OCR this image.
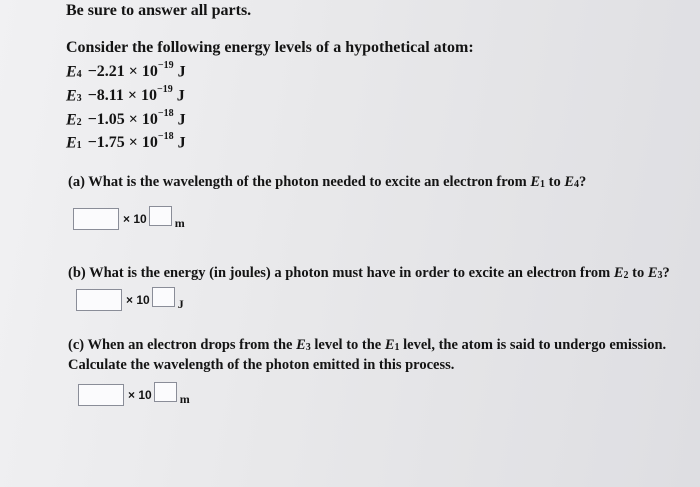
Be sure to answer all parts.
Consider the following energy levels of a hypothetical atom:
$E_4 -2.21 \times 10^{-19}$ J
$E_3 -8.11 \times 10^{-19}$ J
$E_2 -1.05 \times 10^{-18}$ J
$E_1 -1.75 \times 10^{-18}$ J
(a) What is the wavelength of the photon needed to excite an electron from $E_1$ to $E_4$?
× 10 m
(b) What is the energy (in joules) a photon must have in order to excite an electron from $E_2$ to $E_3$?
× 10 J
(c) When an electron drops from the $E_3$ level to the $E_1$ level, the atom is said to undergo emission.
Calculate the wavelength of the photon emitted in this process.
× 10 m
